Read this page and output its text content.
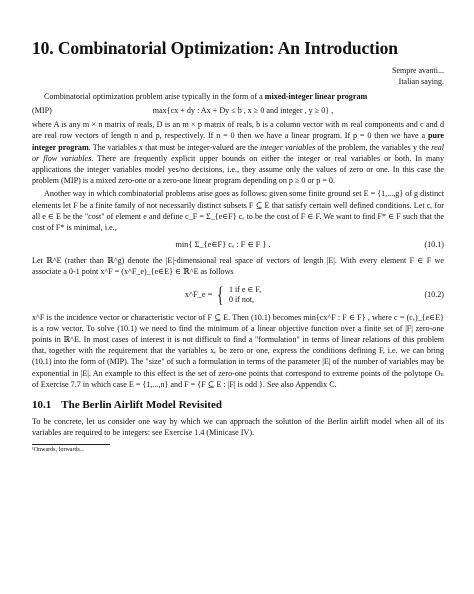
10. Combinatorial Optimization: An Introduction
Sempre avanti...
Italian saying.

Combinatorial optimization problem arise typically in the form of a mixed-integer linear program

(MIP)	max{cx + dy : Ax + Dy ≤ b , x ≥ 0 and integer , y ≥ 0} ,

where A is any m × n matrix of reals, D is an m × p matrix of reals, b is a column vector with m real components and c and d are real row vectors of length n and p, respectively. If n = 0 then we have a linear program. If p = 0 then we have a pure integer program. The variables x that must be integer-valued are the integer variables of the problem, the variables y the real or flow variables. There are frequently explicit upper bounds on either the integer or real variables or both. In many applications the integer variables model yes/no decisions, i.e., they assume only the values of zero or one. In this case the problem (MIP) is a mixed zero-one or a zero-one linear program depending on p ≥ 0 or p = 0.

Another way in which combinatorial problems arise goes as follows: given some finite ground set E = {1,...,g} of g distinct elements let F be a finite family of not necessarily distinct subsets F ⊆ E that satisfy certain well defined conditions. Let cₑ for all e ∈ E be the "cost" of element e and define c_F = Σ_{e∈F} cₑ to be the cost of F ∈ F. We want to find F* ∈ F such that the cost of F* is minimal, i.e.,

min{ Σ_{e∈F} cₑ : F ∈ F } .	(10.1)

Let ℝ^E (rather than ℝ^g) denote the |E|-dimensional real space of vectors of length |E|. With every element F ∈ F we associate a 0-1 point x^F = (x^F_e)_{e∈E} ∈ ℝ^E as follows

x^F_e = { 1 if e ∈ F,
0 if not,	(10.2)

x^F is the incidence vector or characteristic vector of F ⊆ E. Then (10.1) becomes min{cx^F : F ∈ F} , where c = (cₑ)_{e∈E} is a row vector. To solve (10.1) we need to find the minimum of a linear objective function over a finite set of |F| zero-one points in ℝ^E. In most cases of interest it is not difficult to find a "formulation" in terms of linear relations of this problem that, together with the requirement that the variables xₑ be zero or one, express the conditions defining F, i.e. we can bring (10.1) into the form of (MIP). The "size" of such a formulation in terms of the parameter |E| of the number of variables may be exponential in |E|. An example to this effect is the set of zero-one points that correspond to extreme points of the polytope Oₙ of Exercise 7.7 in which case E = {1,...,n} and F = {F ⊆ E : |F| is odd }. See also Appendix C.

10.1 The Berlin Airlift Model Revisited

To be concrete, let us consider one way by which we can approach the solution of the Berlin airlift model when all of its variables are required to be integers: see Exercise 1.4 (Minicase IV).

¹Onwards, forwards...
